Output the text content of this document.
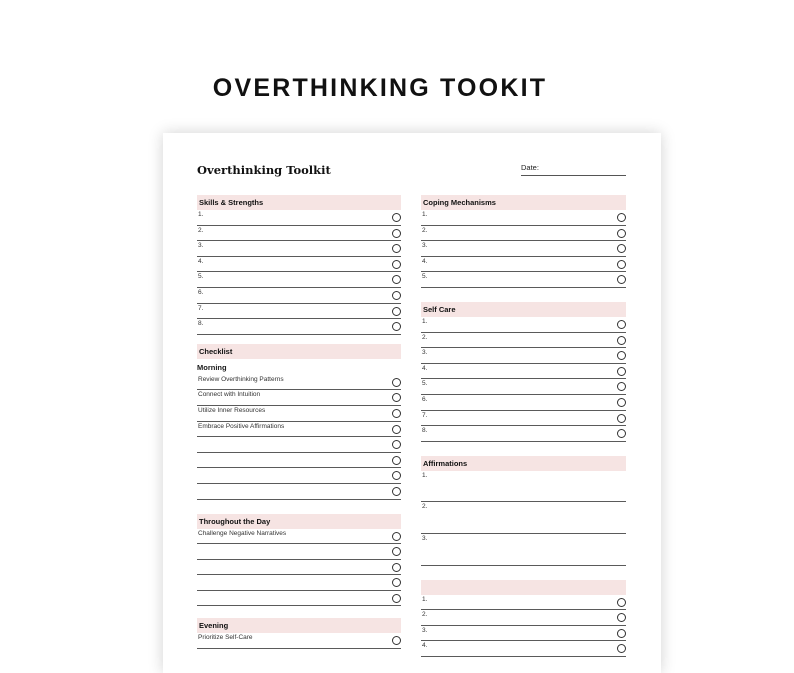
OVERTHINKING TOOKIT
Overthinking Toolkit	Date:
Skills & Strengths
1.
2.
3.
4.
5.
6.
7.
8.
Checklist
Morning
Review Overthinking Patterns
Connect with Intuition
Utilize Inner Resources
Embrace Positive Affirmations
Throughout the Day
Challenge Negative Narratives
Evening
Prioritize Self-Care
Coping Mechanisms
1.
2.
3.
4.
5.
Self Care
1.
2.
3.
4.
5.
6.
7.
8.
Affirmations
1.
2.
3.
1.
2.
3.
4.
